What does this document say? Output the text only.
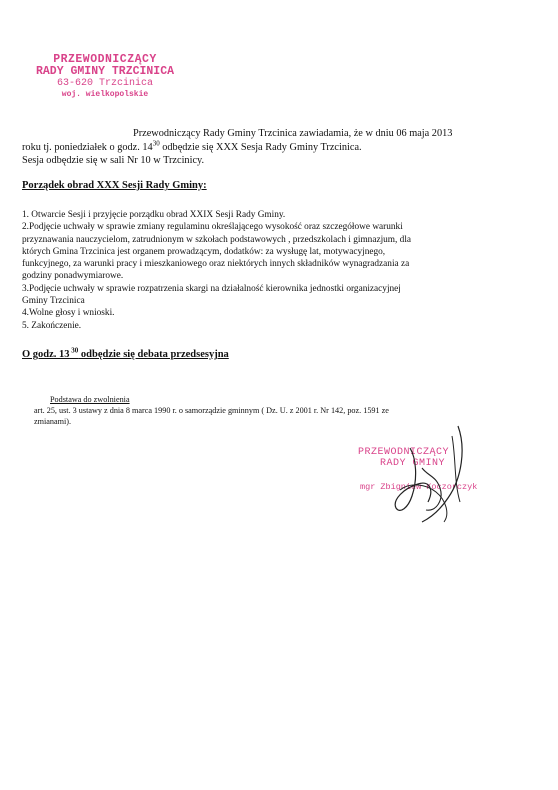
PRZEWODNICZĄCY
RADY GMINY TRZCINICA
63-620 Trzcinica
woj. wielkopolskie
Przewodniczący Rady Gminy Trzcinica zawiadamia, że w dniu 06 maja 2013
roku tj. poniedziałek o godz. $14^{30}$ odbędzie się XXX Sesja Rady Gminy Trzcinica.
Sesja odbędzie się w sali Nr 10 w Trzcinicy.
Porządek obrad XXX Sesji Rady Gminy:
1. Otwarcie Sesji i przyjęcie porządku obrad XXIX Sesji Rady Gminy.
2.Podjęcie uchwały w sprawie zmiany regulaminu określającego wysokość oraz szczegółowe warunki
przyznawania nauczycielom, zatrudnionym w szkołach podstawowych , przedszkolach i gimnazjum, dla
których Gmina Trzcinica jest organem prowadzącym, dodatków: za wysługę lat, motywacyjnego,
funkcyjnego, za warunki pracy i mieszkaniowego oraz niektórych innych składników wynagradzania za
godziny ponadwymiarowe.
3.Podjęcie uchwały w sprawie rozpatrzenia skargi na działalność kierownika jednostki organizacyjnej
Gminy Trzcinica
4.Wolne głosy i wnioski.
5. Zakończenie.
O godz. 13 $^{30}$ odbędzie się debata przedsesyjna
Podstawa do zwolnienia
art. 25, ust. 3 ustawy z dnia 8 marca 1990 r. o samorządzie gminnym ( Dz. U. z 2001 r. Nr 142, poz. 1591 ze
zmianami).
PRZEWODNICZĄCY
RADY GMINY
mgr Zbigniew Koczorczyk
